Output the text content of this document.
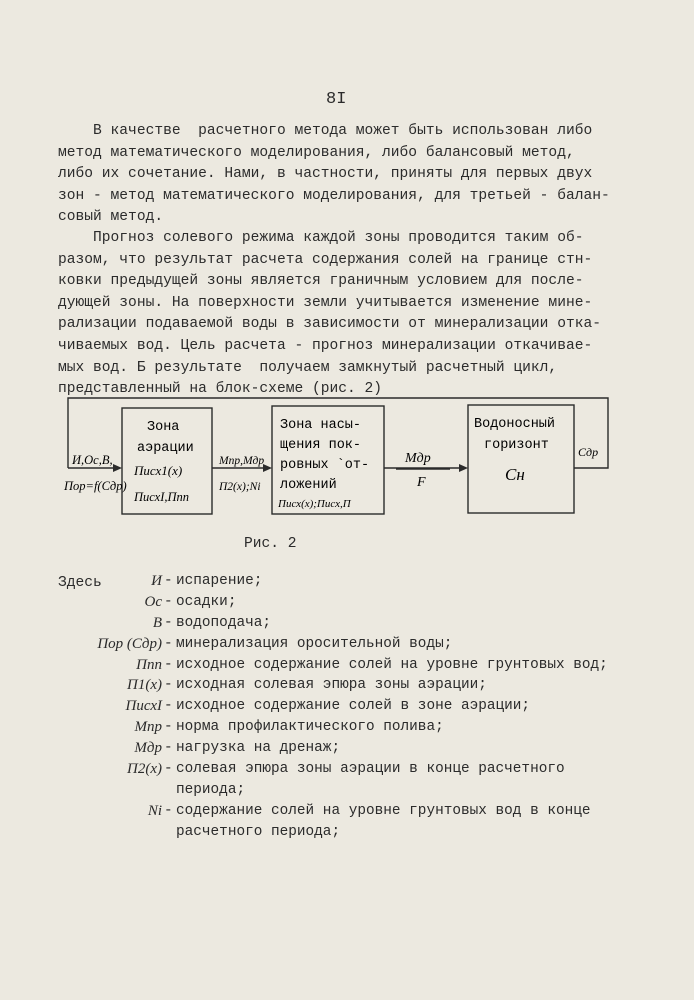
8I

В качестве  расчетного метода может быть использован либо
метод математического моделирования, либо балансовый метод,
либо их сочетание. Нами, в частности, приняты для первых двух
зон - метод математического моделирования, для третьей - балан-
совый метод.

Прогноз солевого режима каждой зоны проводится таким об-
разом, что результат расчета содержания солей на границе стн-
ковки предыдущей зоны является граничным условием для после-
дующей зоны. На поверхности земли учитывается изменение мине-
рализации подаваемой воды в зависимости от минерализации отка-
чиваемых вод. Цель расчета - прогноз минерализации откачивае-
мых вод. Б результате  получаем замкнутый расчетный цикл,
представленный на блок-схеме (рис. 2)

И,Ос,В,
Пор=f(Cдр)
Зона
аэрации
Писх1(x)
ПисхI,Ппп
Мпр,Мдр
П2(x);Ni
Зона насы-
щения пок-
ровных `от-
ложений
Писх(x);Писх,П
Мдр
F
Водоносный
горизонт
Сн
Cдр
Рис. 2
Здесь	И - испарение;
Ос - осадки;
В - водоподача;
Пор (Cдр) - минерализация оросительной воды;
Ппп - исходное содержание солей на уровне грунтовых вод;
П1(x) - исходная солевая эпюра зоны аэрации;
ПисхI - исходное содержание солей в зоне аэрации;
Мпр - норма профилактического полива;
Мдр - нагрузка на дренаж;
П2(x) - солевая эпюра зоны аэрации в конце расчетного
периода;
Ni - содержание солей на уровне грунтовых вод в конце
расчетного периода;
